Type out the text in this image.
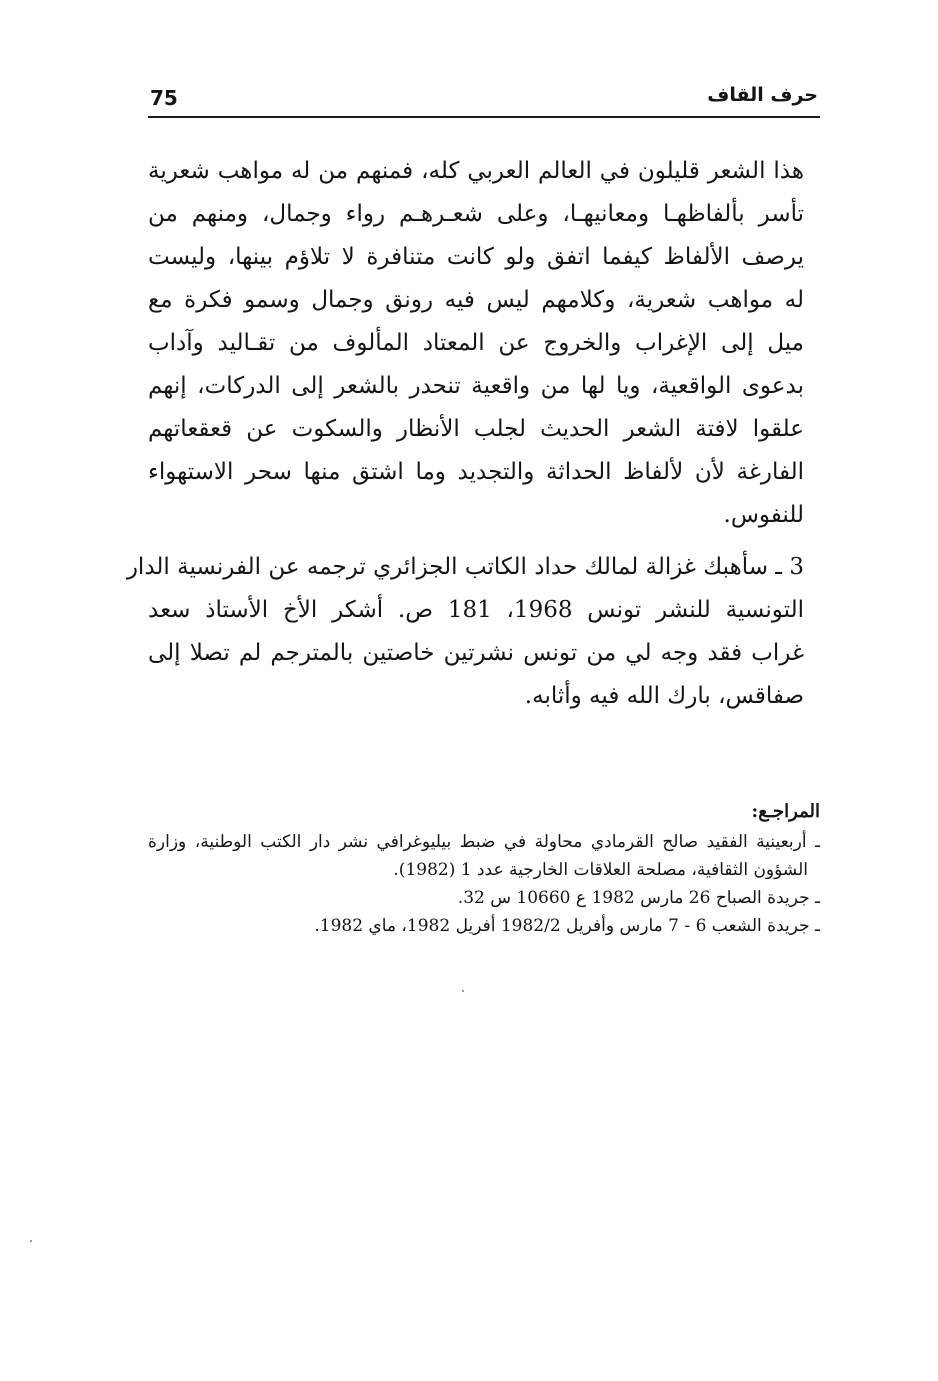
75	حرف القاف
هذا الشعر قليلون في العالم العربي كله، فمنهم من له مواهب شعرية
تأسر بألفاظهـا ومعانيهـا، وعلى شعـرهـم رواء وجمال، ومنهم من
يرصف الألفاظ كيفما اتفق ولو كانت متنافرة لا تلاؤم بينها، وليست
له مواهب شعرية، وكلامهم ليس فيه رونق وجمال وسمو فكرة مع
ميل إلى الإغراب والخروج عن المعتاد المألوف من تقـاليد وآداب
بدعوى الواقعية، ويا لها من واقعية تنحدر بالشعر إلى الدركات، إنهم
علقوا لافتة الشعر الحديث لجلب الأنظار والسكوت عن قعقعاتهم
الفارغة لأن لألفاظ الحداثة والتجديد وما اشتق منها سحر الاستهواء
للنفوس.
3 ـ سأهبك غزالة لمالك حداد الكاتب الجزائري ترجمه عن الفرنسية الدار
التونسية للنشر تونس 1968، 181 ص. أشكر الأخ الأستاذ سعد
غراب فقد وجه لي من تونس نشرتين خاصتين بالمترجم لم تصلا إلى
صفاقس، بارك الله فيه وأثابه.
المراجـع:
ـ أربعينية الفقيد صالح القرمادي محاولة في ضبط بيليوغرافي نشر دار الكتب الوطنية، وزارة
الشؤون الثقافية، مصلحة العلاقات الخارجية عدد 1 (1982).
ـ جريدة الصباح 26 مارس 1982 ع 10660 س 32.
ـ جريدة الشعب 6 - 7 مارس وأفريل 1982/2 أفريل 1982، ماي 1982.
